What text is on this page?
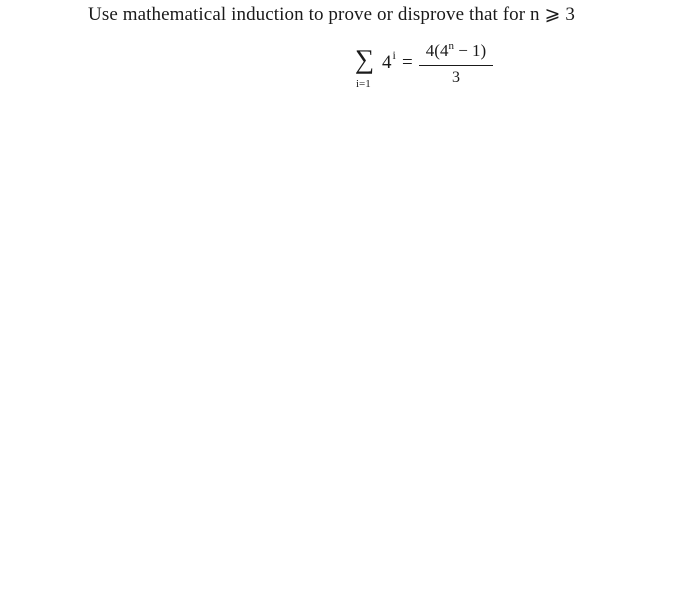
Use mathematical induction to prove or disprove that for n ⩾ 3
∑
i=1
$4^i$ =
$4(4^n - 1)$
3
